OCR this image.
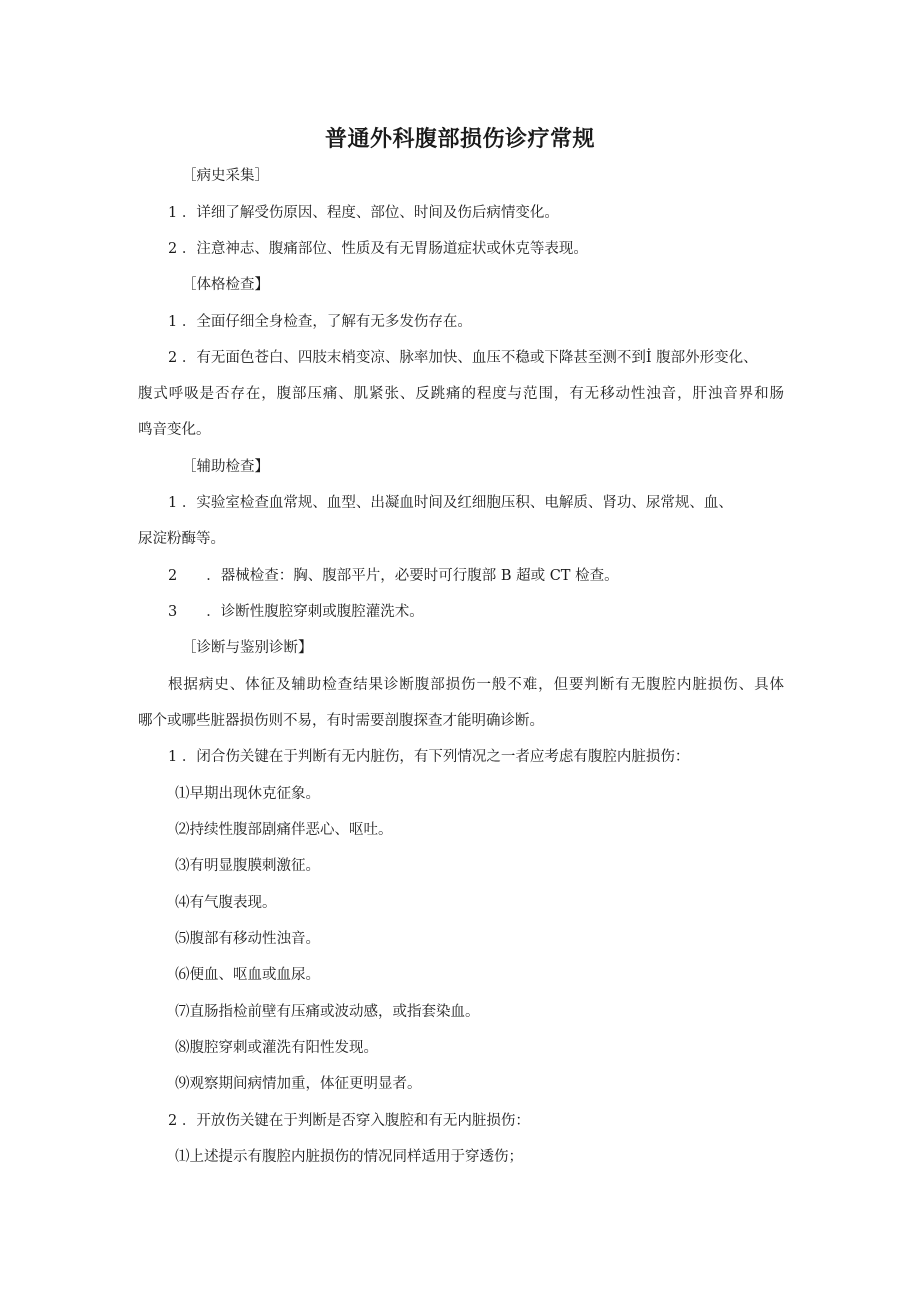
普通外科腹部损伤诊疗常规
［病史采集］
1 ．详细了解受伤原因、程度、部位、时间及伤后病情变化。
2 ．注意神志、腹痛部位、性质及有无胃肠道症状或休克等表现。
［体格检查】
1 ．全面仔细全身检查，了解有无多发伤存在。
2 ．有无面色苍白、四肢末梢变凉、脉率加快、血压不稳或下降甚至测不到İ 腹部外形变化、
腹式呼吸是否存在，腹部压痛、肌紧张、反跳痛的程度与范围，有无移动性浊音，肝浊音界和肠
鸣音变化。
［辅助检查】
1 ．实验室检查血常规、血型、出凝血时间及红细胞压积、电解质、肾功、尿常规、血、
尿淀粉酶等。
2　　．器械检查：胸、腹部平片，必要时可行腹部 B 超或 CT 检查。
3　　．诊断性腹腔穿刺或腹腔灌洗术。
［诊断与鉴别诊断】
根据病史、体征及辅助检查结果诊断腹部损伤一般不难，但要判断有无腹腔内脏损伤、具体
哪个或哪些脏器损伤则不易，有时需要剖腹探查才能明确诊断。
1 ．闭合伤关键在于判断有无内脏伤，有下列情况之一者应考虑有腹腔内脏损伤：
⑴早期出现休克征象。
⑵持续性腹部剧痛伴恶心、呕吐。
⑶有明显腹膜刺激征。
⑷有气腹表现。
⑸腹部有移动性浊音。
⑹便血、呕血或血尿。
⑺直肠指检前壁有压痛或波动感，或指套染血。
⑻腹腔穿刺或灌洗有阳性发现。
⑼观察期间病情加重，体征更明显者。
2 ．开放伤关键在于判断是否穿入腹腔和有无内脏损伤：
⑴上述提示有腹腔内脏损伤的情况同样适用于穿透伤；
